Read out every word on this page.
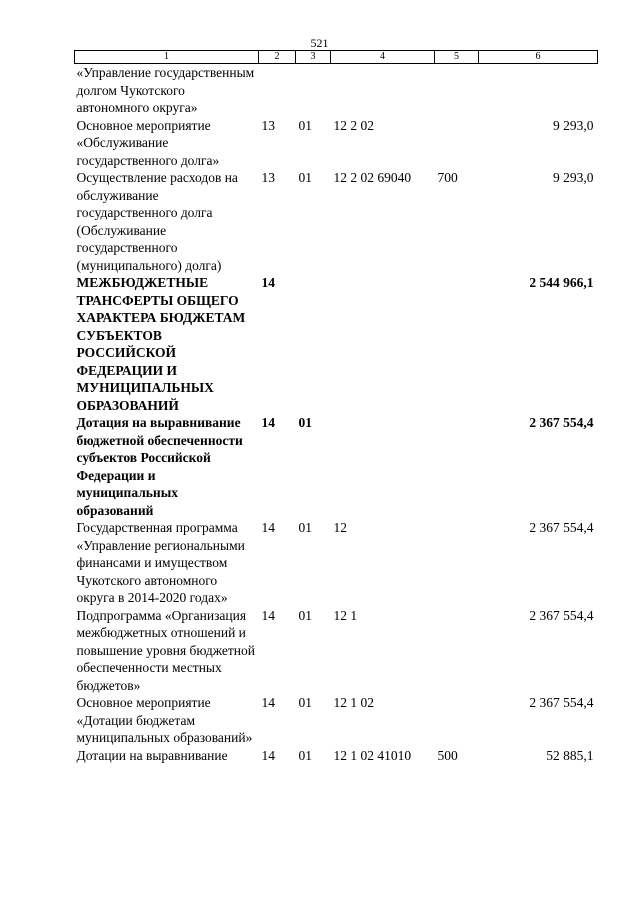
521
1	2	3	4	5	6
«Управление государственным долгом Чукотского автономного округа»					
Основное мероприятие «Обслуживание государственного долга»	13	01	12 2 02		9 293,0
Осуществление расходов на обслуживание государственного долга (Обслуживание государственного (муниципального) долга)	13	01	12 2 02 69040	700	9 293,0
МЕЖБЮДЖЕТНЫЕ ТРАНСФЕРТЫ ОБЩЕГО ХАРАКТЕРА БЮДЖЕТАМ СУБЪЕКТОВ РОССИЙСКОЙ ФЕДЕРАЦИИ И МУНИЦИПАЛЬНЫХ ОБРАЗОВАНИЙ	14				2 544 966,1
Дотация на выравнивание бюджетной обеспеченности субъектов Российской Федерации и муниципальных образований	14	01			2 367 554,4
Государственная программа «Управление региональными финансами и имуществом Чукотского автономного округа в 2014-2020 годах»	14	01	12		2 367 554,4
Подпрограмма «Организация межбюджетных отношений и повышение уровня бюджетной обеспеченности местных бюджетов»	14	01	12 1		2 367 554,4
Основное мероприятие «Дотации бюджетам муниципальных образований»	14	01	12 1 02		2 367 554,4
Дотации на выравнивание	14	01	12 1 02 41010	500	52 885,1
